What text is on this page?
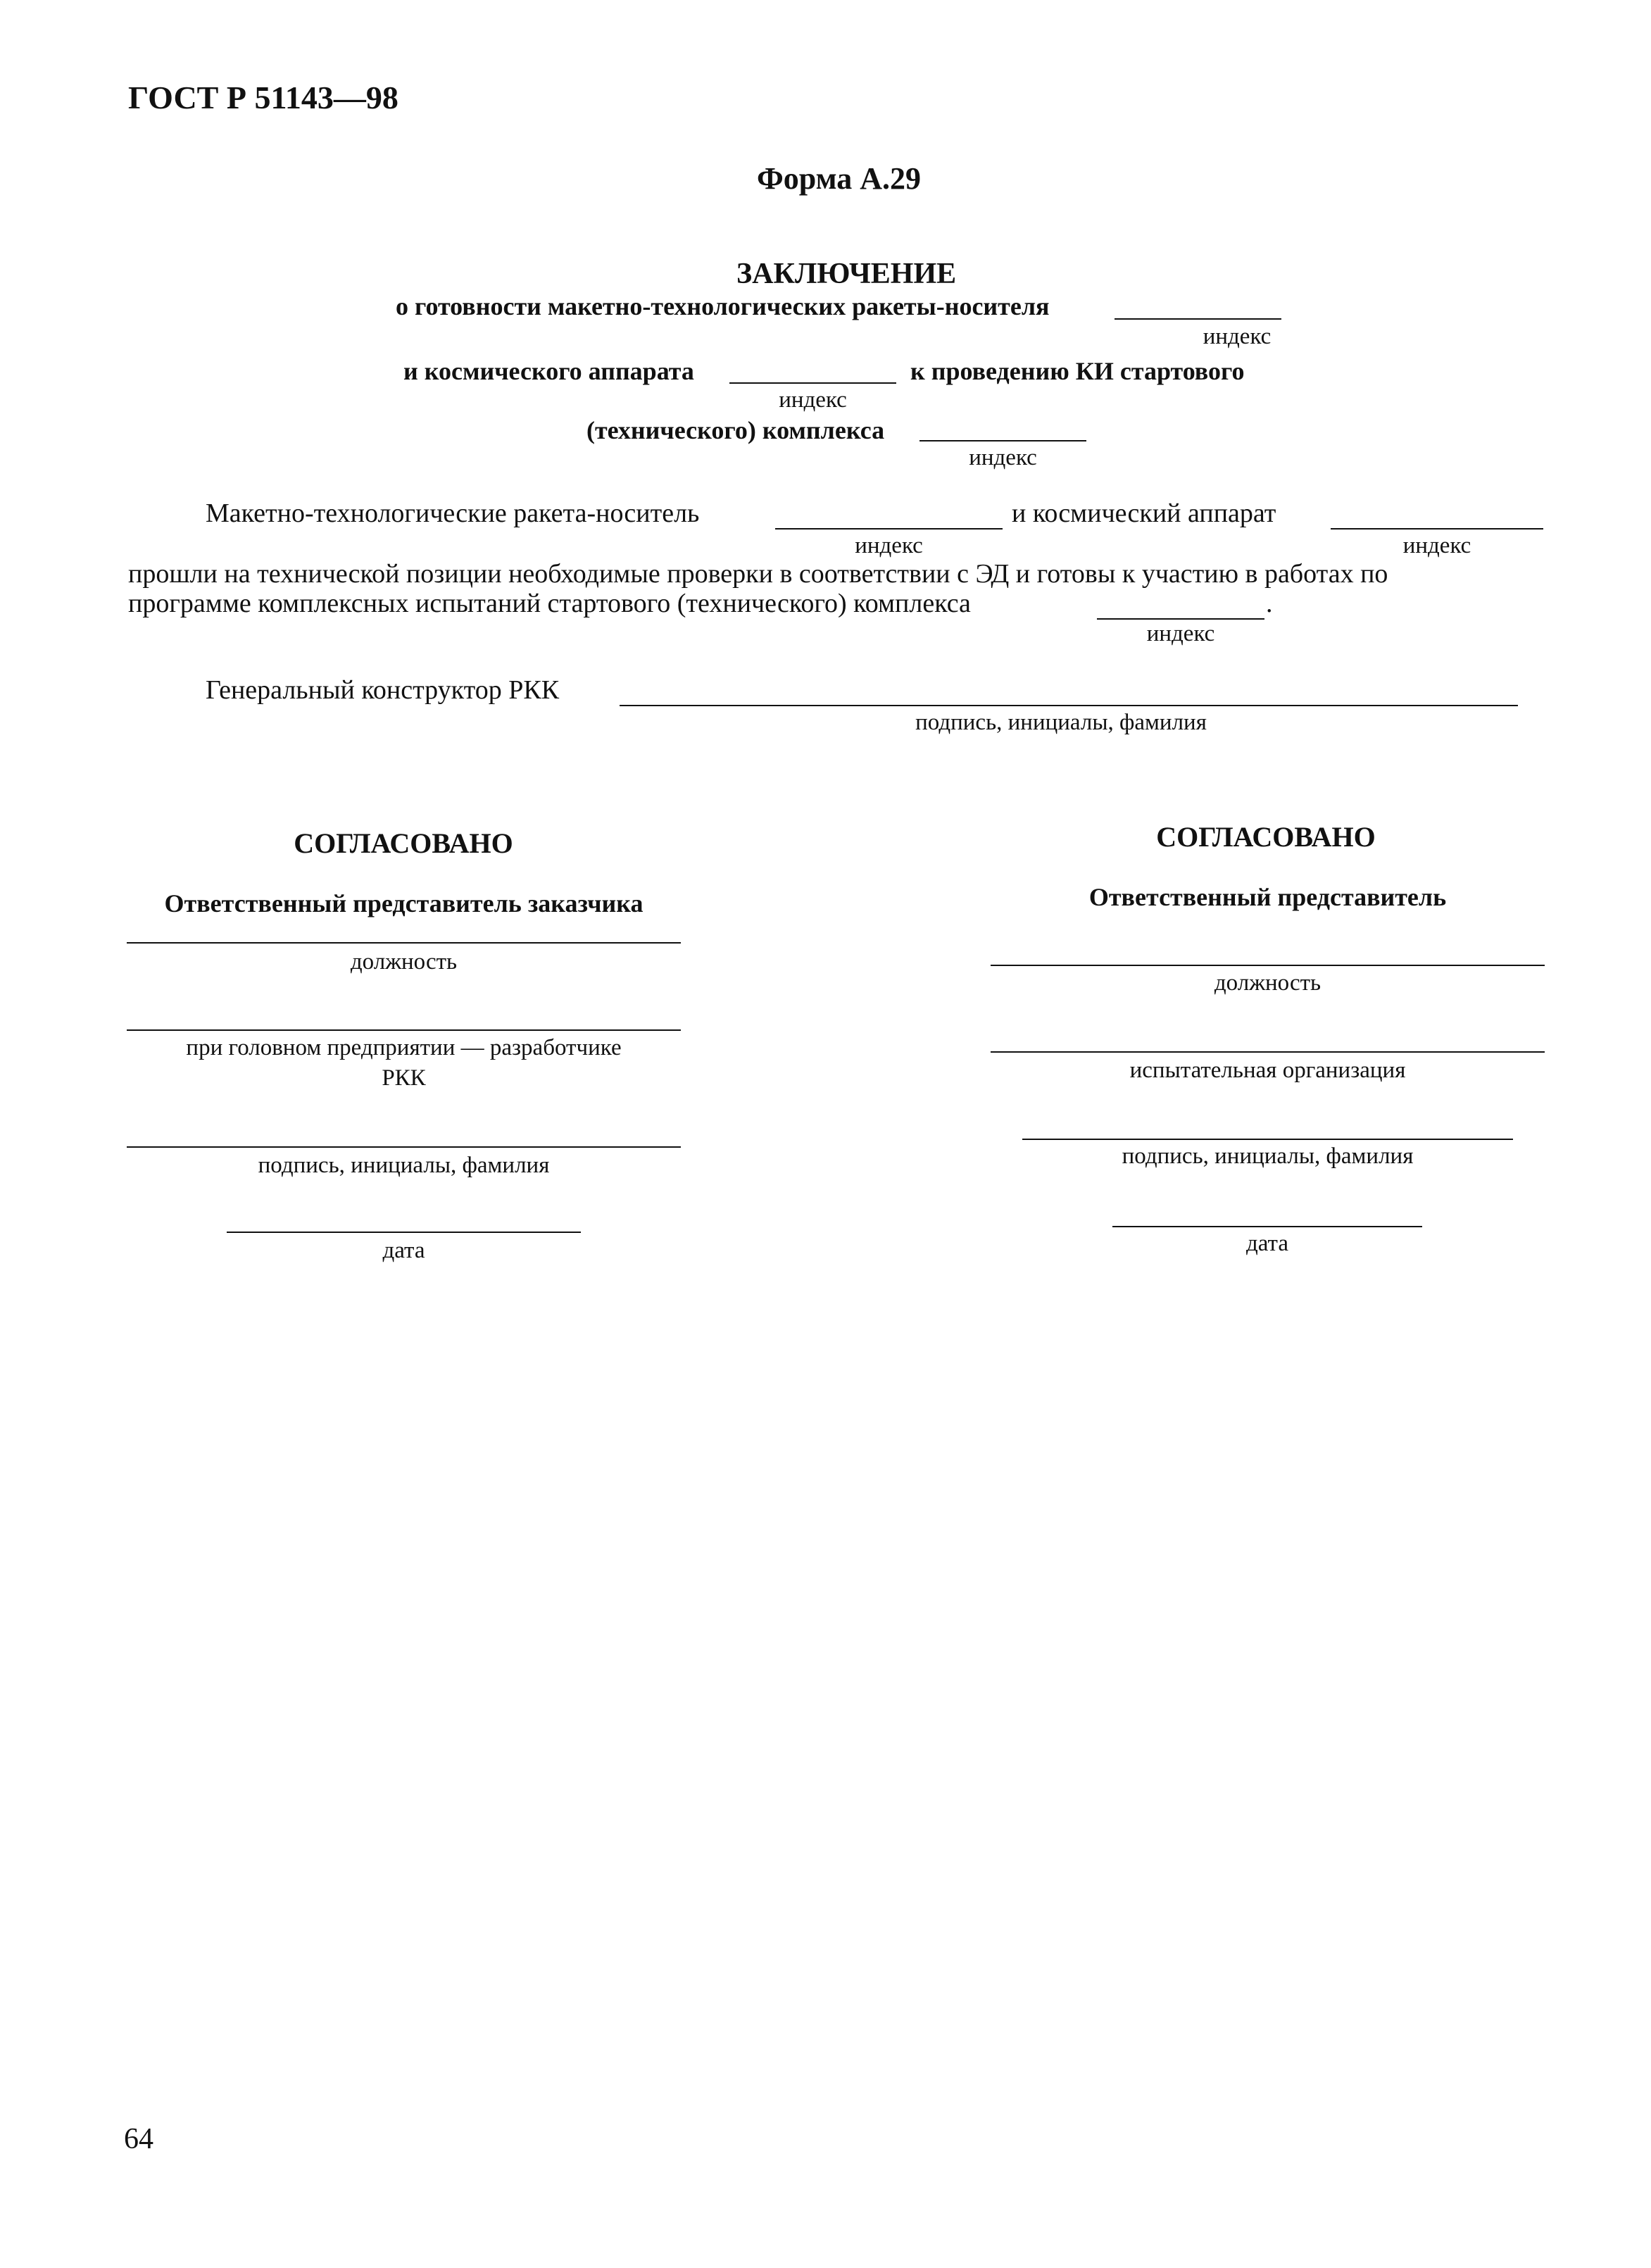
ГОСТ Р 51143—98
Форма А.29
ЗАКЛЮЧЕНИЕ
о готовности макетно-технологических ракеты-носителя
индекс
и космического аппарата	к проведению КИ стартового
индекс
(технического) комплекса
индекс
Макетно-технологические ракета-носитель	и космический аппарат
индекс	индекс
прошли на технической позиции необходимые проверки в соответствии с ЭД и готовы к участию в работах по
программе комплексных испытаний стартового (технического) комплекса	.
индекс
Генеральный конструктор РКК
подпись, инициалы, фамилия
СОГЛАСОВАНО
Ответственный представитель заказчика
должность
при головном предприятии — разработчике
РКК
подпись, инициалы, фамилия
дата
СОГЛАСОВАНО
Ответственный представитель
должность
испытательная организация
подпись, инициалы, фамилия
дата
64
